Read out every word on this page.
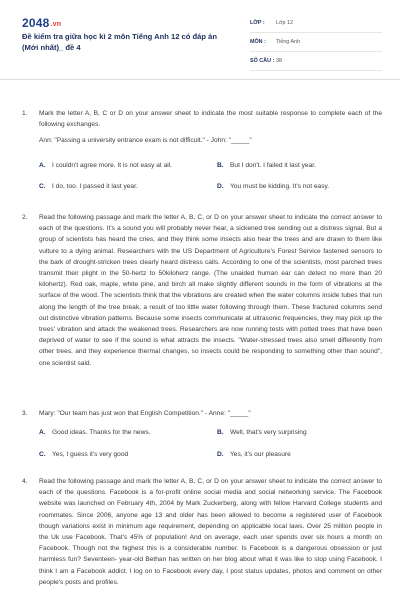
2048.vn
Đề kiểm tra giữa học kì 2 môn Tiếng Anh 12 có đáp án (Mới nhất)_ đề 4
LỚP :	Lớp 12
MÔN :	Tiếng Anh
SỐ CÂU : 38
1. Mark the letter A, B, C or D on your answer sheet to indicate the most suitable response to complete each of the following exchanges.
Ann: "Passing a university entrance exam is not difficult." - John: "_____"
A. I couldn't agree more. It is not easy at all.	B. But I don't. I failed it last year.
C. I do, too. I passed it last year.	D. You must be kidding. It's not easy.
2. Read the following passage and mark the letter A, B, C, or D on your answer sheet to indicate the correct answer to each of the questions. It's a sound you will probably never hear, a sickened tree sending out a distress signal. But a group of scientists has heard the cries, and they think some insects also hear the trees and are drawn to them like vulture to a dying animal. Researchers with the US Department of Agriculture's Forest Service fastened sensors to the bark of drought-stricken trees clearly heard distress calls. According to one of the scientists, most parched trees transmit their plight in the 50-hertz to 50kiloherz range. (The unaided human ear can detect no more than 20 kilohertz). Red oak, maple, white pine, and birch all make slightly different sounds in the form of vibrations at the surface of the wood. The scientists think that the vibrations are created when the water columns inside tubes that run along the length of the tree break, a result of too little water following through them. These fractured columns send out distinctive vibration patterns. Because some insects communicate at ultrasonic frequencies, they may pick up the trees' vibration and attack the weakened trees. Researchers are now running tests with potted trees that have been deprived of water to see if the sound is what attracts the insects. "Water-stressed trees also smell differently from other trees, and they experience thermal changes, so insects could be responding to something other than sound", one scientist said.
3. Mary: "Our team has just won that English Competition." - Anne: "_____"
A. Good ideas. Thanks for the news.	B. Well, that's very surprising
C. Yes, I guess it's very good	D. Yes, it's our pleasure
4. Read the following passage and mark the letter A, B, C, or D on your answer sheet to indicate the correct answer to each of the questions. Facebook is a for-profit online social media and social networking service. The Facebook website was launched on February 4th, 2004 by Mark Zuckerberg, along with fellow Harvard College students and roommates. Since 2006, anyone age 13 and older has been allowed to become a registered user of Facebook though variations exist in minimum age requirement, depending on applicable local laws. Over 25 million people in the Uk use Facebook. That's 45% of population! And on average, each user spends over six hours a month on Facebook. Though not the highest this is a considerable number. Is Facebook is a dangerous obsession or just harmless fun? Seventeen- year-old Bethan has written on her blog about what it was like to stop using Facebook. I think I am a Facebook addict. I log on to Facebook every day, I post status updates, photos and comment on other people's posts and profiles.
